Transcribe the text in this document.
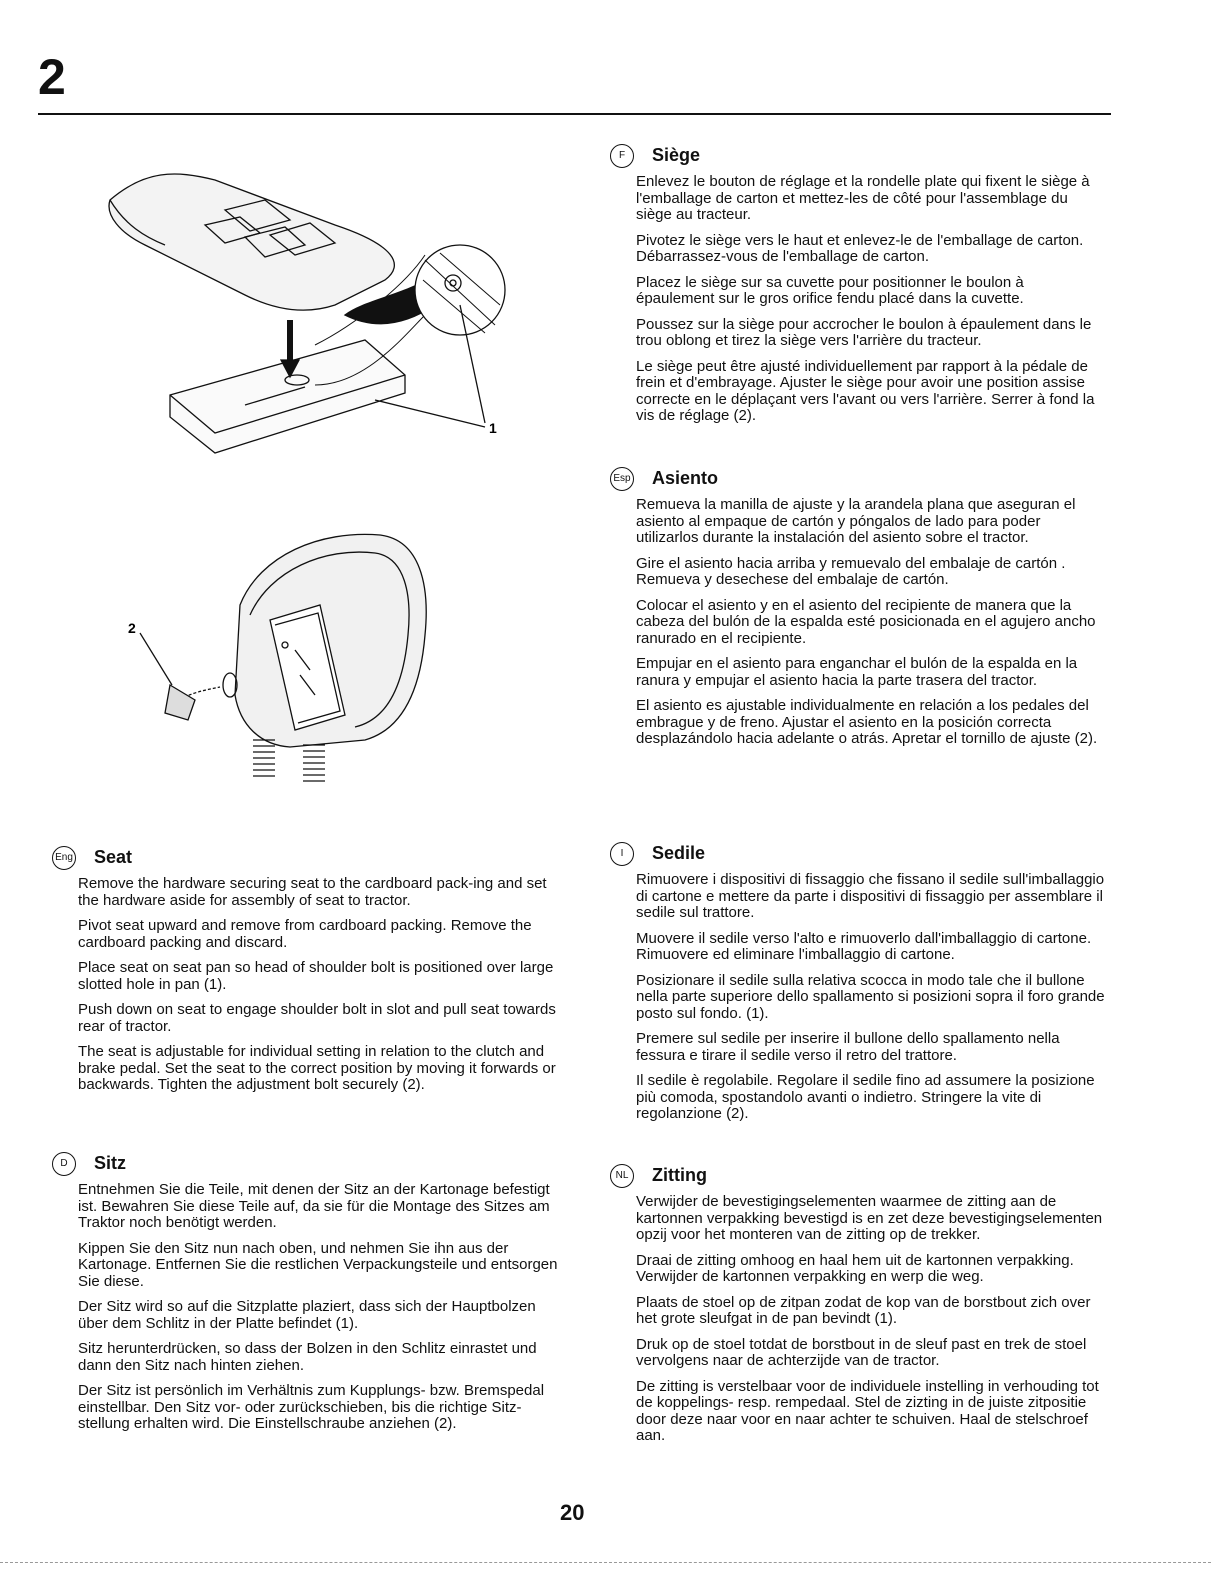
2
1
2
Eng	Seat

Remove the hardware securing seat to the cardboard pack-ing and set the hardware aside for assembly of seat to tractor.

Pivot seat upward and remove from cardboard packing. Remove the cardboard packing and discard.

Place seat on seat pan so head of shoulder bolt is positioned over large slotted hole in pan (1).

Push down on seat to engage shoulder bolt in slot and pull seat towards rear of tractor.

The seat is adjustable for individual setting in relation to the clutch and brake pedal. Set the seat to the correct position by moving it forwards or backwards. Tighten the adjustment bolt securely (2).

D	Sitz

Entnehmen Sie die Teile, mit denen der Sitz an der Kartonage befestigt ist. Bewahren Sie diese Teile auf, da sie für die Montage des Sitzes am Traktor noch benötigt werden.

Kippen Sie den Sitz nun nach oben, und nehmen Sie ihn aus der Kartonage. Entfernen Sie die restlichen Verpackungsteile und entsorgen Sie diese.

Der Sitz wird so auf die Sitzplatte plaziert, dass sich der Hauptbolzen über dem Schlitz in der Platte befindet (1).

Sitz herunterdrücken, so dass der Bolzen in den Schlitz einrastet und dann den Sitz nach hinten ziehen.

Der Sitz ist persönlich im Verhältnis zum Kupplungs- bzw. Bremspedal einstellbar. Den Sitz vor- oder zurückschieben, bis die richtige Sitz-stellung erhalten wird. Die Einstellschraube anziehen (2).

F	Siège

Enlevez le bouton de réglage et la rondelle plate qui fixent le siège à l'emballage de carton et mettez-les de côté pour l'assemblage du siège au tracteur.

Pivotez le siège vers le haut et enlevez-le de l'emballage de carton. Débarrassez-vous de l'emballage de carton.

Placez le siège sur sa cuvette pour positionner le boulon à épaulement sur le gros orifice fendu placé dans la cuvette.

Poussez sur la siège pour accrocher le boulon à épaulement dans le trou oblong et tirez la siège vers l'arrière du tracteur.

Le siège peut être ajusté individuellement par rapport à la pédale de frein et d'embrayage. Ajuster le siège pour avoir une position assise correcte en le déplaçant vers l'avant ou vers l'arrière. Serrer à fond la vis de réglage (2).

Esp	Asiento

Remueva la manilla de ajuste y la arandela plana que aseguran el asiento al empaque de cartón y póngalos de lado para poder utilizarlos durante la instalación del asiento sobre el tractor.

Gire el asiento hacia arriba y remuevalo del embalaje de cartón . Remueva y desechese del embalaje de cartón.

Colocar el asiento y en el asiento del recipiente de manera que la cabeza del bulón de la espalda esté posicionada en el agujero ancho ranurado en el recipiente.

Empujar en el asiento para enganchar el bulón de la espalda en la ranura y empujar el asiento hacia la parte trasera del tractor.

El asiento es ajustable individualmente en relación a los pedales del embrague y de freno. Ajustar el asiento en la posición correcta desplazándolo hacia adelante o atrás. Apretar el tornillo de ajuste (2).

I	Sedile

Rimuovere i dispositivi di fissaggio che fissano il sedile sull'imballaggio di cartone e mettere da parte i dispositivi di fissaggio per assemblare il sedile sul trattore.

Muovere il sedile verso l'alto e rimuoverlo dall'imballaggio di cartone. Rimuovere ed eliminare l'imballaggio di cartone.

Posizionare il sedile sulla relativa scocca in modo tale che il bullone nella parte superiore dello spallamento si posizioni sopra il foro grande posto sul fondo. (1).

Premere sul sedile per inserire il bullone dello spallamento nella fessura e tirare il sedile verso il retro del trattore.

Il sedile è regolabile. Regolare il sedile fino ad assumere la posizione più comoda, spostandolo avanti o indietro. Stringere la vite di regolanzione (2).

NL	Zitting

Verwijder de bevestigingselementen waarmee de zitting aan de kartonnen verpakking bevestigd is en zet deze bevestigingselementen opzij voor het monteren van de zitting op de trekker.

Draai de zitting omhoog en haal hem uit de kartonnen verpakking. Verwijder de kartonnen verpakking en werp die weg.

Plaats de stoel op de zitpan zodat de kop van de borstbout zich over het grote sleufgat in de pan bevindt (1).

Druk op de stoel totdat de borstbout in de sleuf past en trek de stoel vervolgens naar de achterzijde van de tractor.

De zitting is verstelbaar voor de individuele instelling in verhouding tot de koppelings- resp. rempedaal. Stel de zizting in de juiste zitpositie door deze naar voor en naar achter te schuiven. Haal de stelschroef aan.

20
